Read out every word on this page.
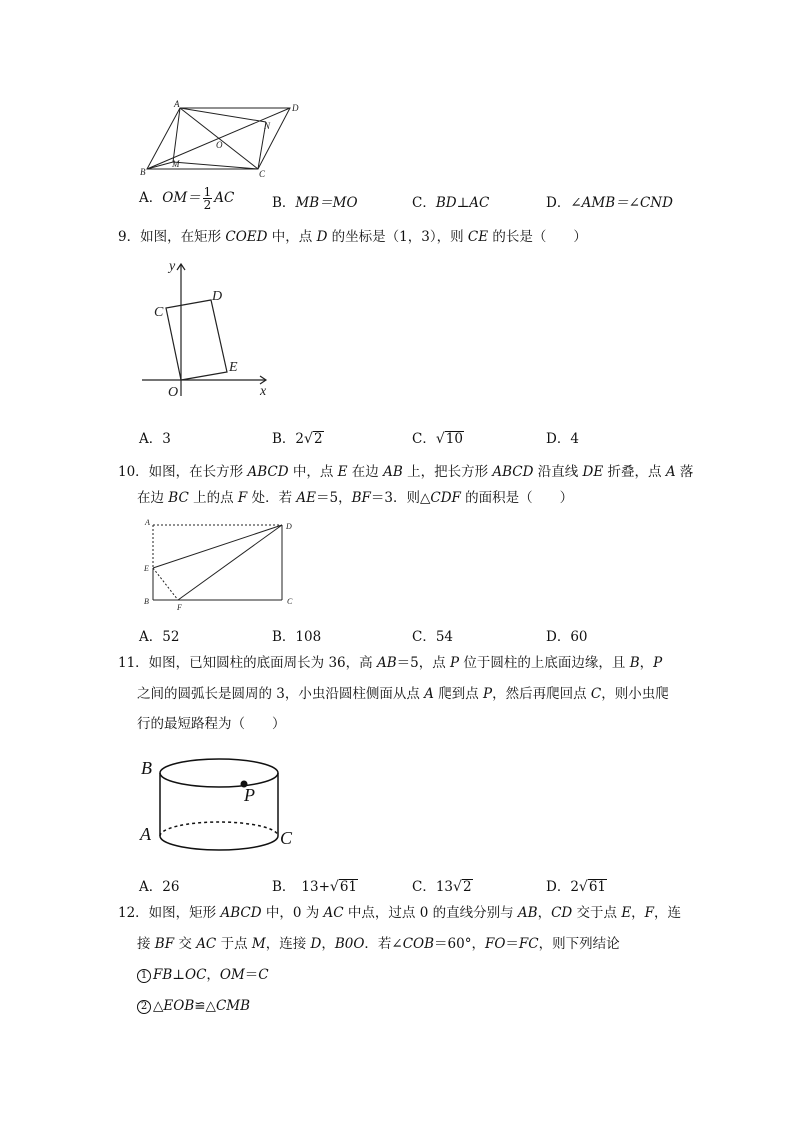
A	D
N
O
B
M
C
A．$OM= \frac{1}{2}$ AC	B．MB＝MO	C．BD⊥AC	D．∠AMB＝∠CND
9．如图，在矩形 COED 中，点 D 的坐标是（1，3），则 CE 的长是（　　）
y
x
C
D
E
O
A．3	B．2√2	C．√10	D．4
10．如图，在长方形 ABCD 中，点 E 在边 AB 上，把长方形 ABCD 沿直线 DE 折叠，点 A 落
在边 BC 上的点 F 处．若 AE＝5，BF＝3．则△CDF 的面积是（　　）
A	D
E
B
F
C
A．52	B．108	C．54	D．60
11．如图，已知圆柱的底面周长为 36，高 AB＝5，点 P 位于圆柱的上底面边缘，且 B，P
之间的圆弧长是圆周的 3，小虫沿圆柱侧面从点 A 爬到点 P，然后再爬回点 C，则小虫爬
行的最短路程为（　　）
B
P
A	C
A．26	B． 13+√61	C．13√2	D．2√61
12．如图，矩形 ABCD 中，0 为 AC 中点，过点 0 的直线分别与 AB，CD 交于点 E，F，连
接 BF 交 AC 于点 M，连接 D，B0O．若∠COB＝60°，FO＝FC，则下列结论
1 FB⊥OC，OM＝C
2 △EOB≌△CMB
